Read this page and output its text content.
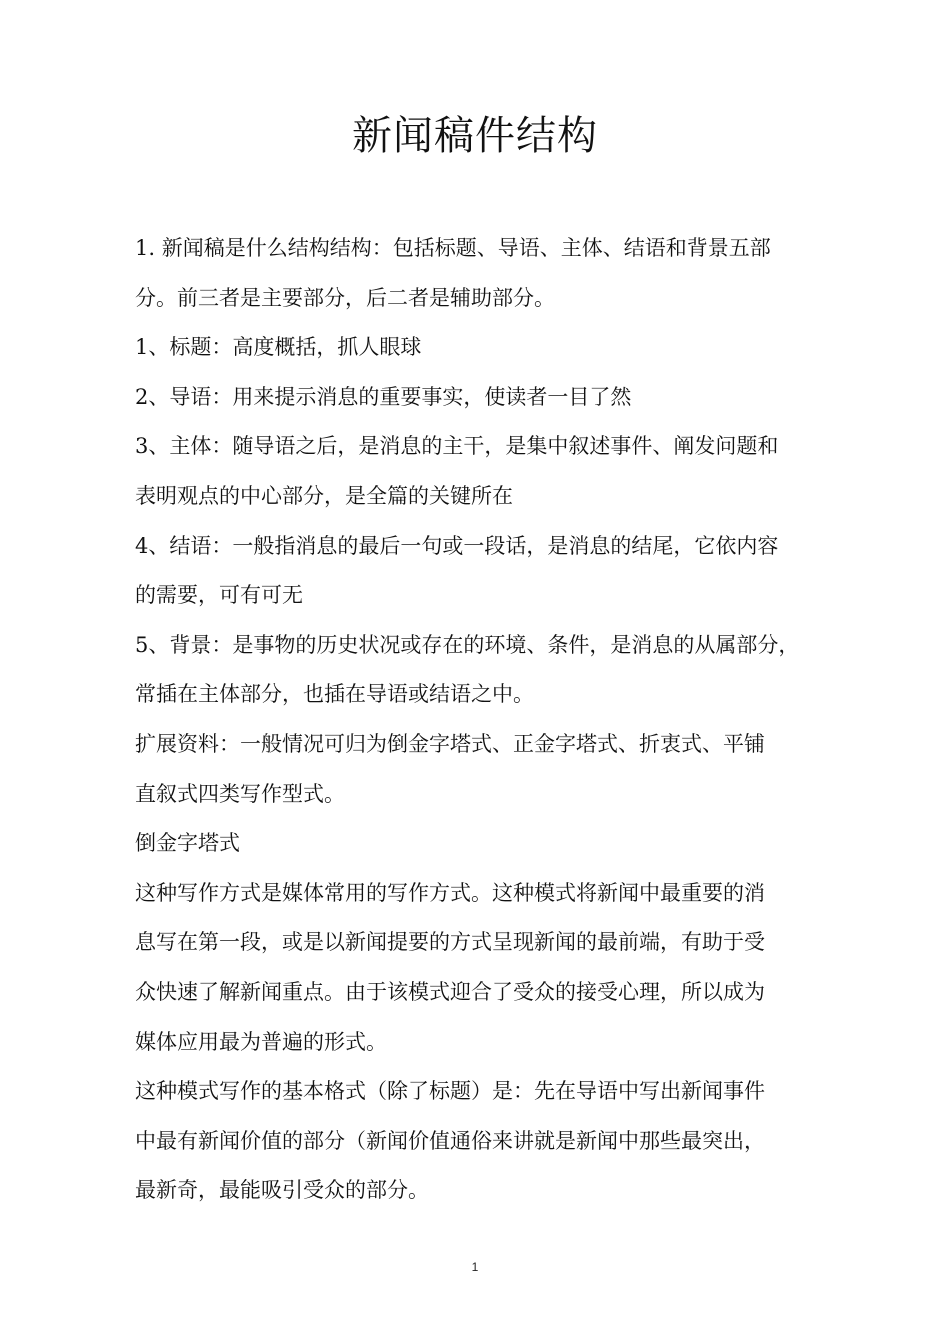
新闻稿件结构

1. 新闻稿是什么结构结构：包括标题、导语、主体、结语和背景五部

分。前三者是主要部分，后二者是辅助部分。

1、标题：高度概括，抓人眼球

2、导语：用来提示消息的重要事实，使读者一目了然

3、主体：随导语之后，是消息的主干，是集中叙述事件、阐发问题和

表明观点的中心部分，是全篇的关键所在

4、结语：一般指消息的最后一句或一段话，是消息的结尾，它依内容

的需要，可有可无

5、背景：是事物的历史状况或存在的环境、条件，是消息的从属部分，

常插在主体部分，也插在导语或结语之中。

扩展资料：一般情况可归为倒金字塔式、正金字塔式、折衷式、平铺

直叙式四类写作型式。

倒金字塔式

这种写作方式是媒体常用的写作方式。这种模式将新闻中最重要的消

息写在第一段，或是以新闻提要的方式呈现新闻的最前端，有助于受

众快速了解新闻重点。由于该模式迎合了受众的接受心理，所以成为

媒体应用最为普遍的形式。

这种模式写作的基本格式（除了标题）是：先在导语中写出新闻事件

中最有新闻价值的部分（新闻价值通俗来讲就是新闻中那些最突出，

最新奇，最能吸引受众的部分。

1
